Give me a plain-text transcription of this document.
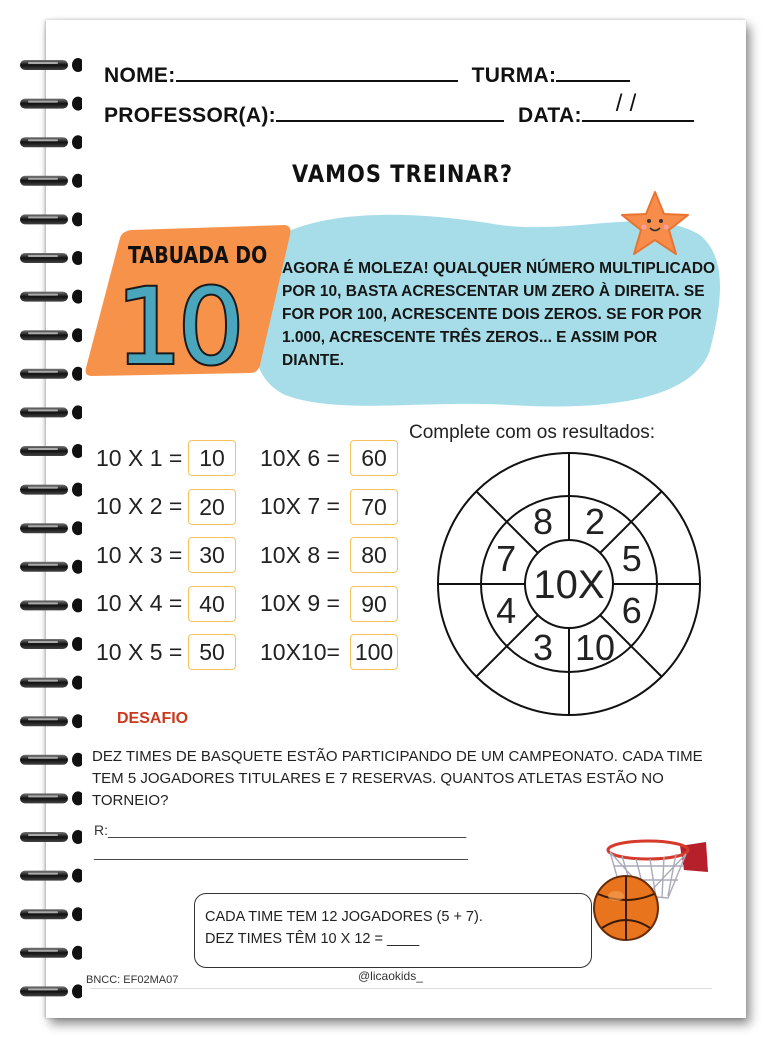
NOME:	TURMA:
PROFESSOR(A):	DATA: / /
VAMOS TREINAR?
TABUADA DO
10	AGORA É MOLEZA! QUALQUER NÚMERO MULTIPLICADO POR 10, BASTA ACRESCENTAR UM ZERO À DIREITA. SE FOR POR 100, ACRESCENTE DOIS ZEROS. SE FOR POR 1.000, ACRESCENTE TRÊS ZEROS... E ASSIM POR DIANTE.
10 X 1 = 10
10 X 2 = 20
10 X 3 = 30
10 X 4 = 40
10 X 5 = 50
10X 6 = 60
10X 7 = 70
10X 8 = 80
10X 9 = 90
10X10= 100
Complete com os resultados:
10X
8 2
5
6
10
3
4
7
DESAFIO
DEZ TIMES DE BASQUETE ESTÃO PARTICIPANDO DE UM CAMPEONATO. CADA TIME TEM 5 JOGADORES TITULARES E 7 RESERVAS. QUANTOS ATLETAS ESTÃO NO TORNEIO?
R:______________________________________________
________________________________________________
CADA TIME TEM 12 JOGADORES (5 + 7).
DEZ TIMES TÊM 10 X 12 = ____
BNCC: EF02MA07	@licaokids_
